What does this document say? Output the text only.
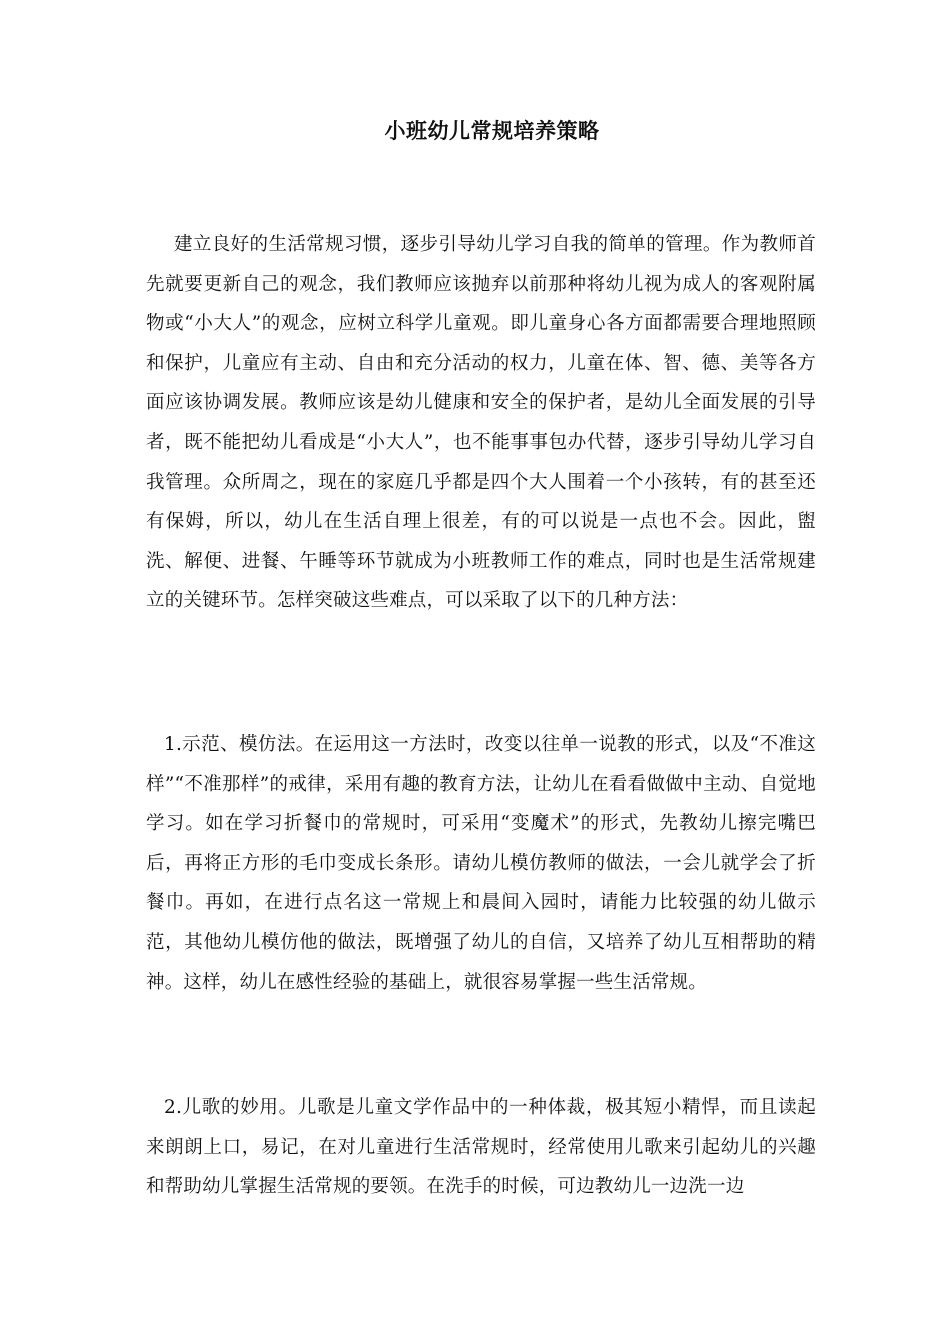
小班幼儿常规培养策略

建立良好的生活常规习惯，逐步引导幼儿学习自我的简单的管理。作为教师首先就要更新自己的观念，我们教师应该抛弃以前那种将幼儿视为成人的客观附属物或“小大人”的观念，应树立科学儿童观。即儿童身心各方面都需要合理地照顾和保护，儿童应有主动、自由和充分活动的权力，儿童在体、智、德、美等各方面应该协调发展。教师应该是幼儿健康和安全的保护者，是幼儿全面发展的引导者，既不能把幼儿看成是“小大人”，也不能事事包办代替，逐步引导幼儿学习自我管理。众所周之，现在的家庭几乎都是四个大人围着一个小孩转，有的甚至还有保姆，所以，幼儿在生活自理上很差，有的可以说是一点也不会。因此，盥洗、解便、进餐、午睡等环节就成为小班教师工作的难点，同时也是生活常规建立的关键环节。怎样突破这些难点，可以采取了以下的几种方法：

1.示范、模仿法。在运用这一方法时，改变以往单一说教的形式，以及“不准这样”“不准那样”的戒律，采用有趣的教育方法，让幼儿在看看做做中主动、自觉地学习。如在学习折餐巾的常规时，可采用“变魔术”的形式，先教幼儿擦完嘴巴后，再将正方形的毛巾变成长条形。请幼儿模仿教师的做法，一会儿就学会了折餐巾。再如，在进行点名这一常规上和晨间入园时，请能力比较强的幼儿做示范，其他幼儿模仿他的做法，既增强了幼儿的自信，又培养了幼儿互相帮助的精神。这样，幼儿在感性经验的基础上，就很容易掌握一些生活常规。

2.儿歌的妙用。儿歌是儿童文学作品中的一种体裁，极其短小精悍，而且读起来朗朗上口，易记，在对儿童进行生活常规时，经常使用儿歌来引起幼儿的兴趣和帮助幼儿掌握生活常规的要领。在洗手的时候，可边教幼儿一边洗一边
